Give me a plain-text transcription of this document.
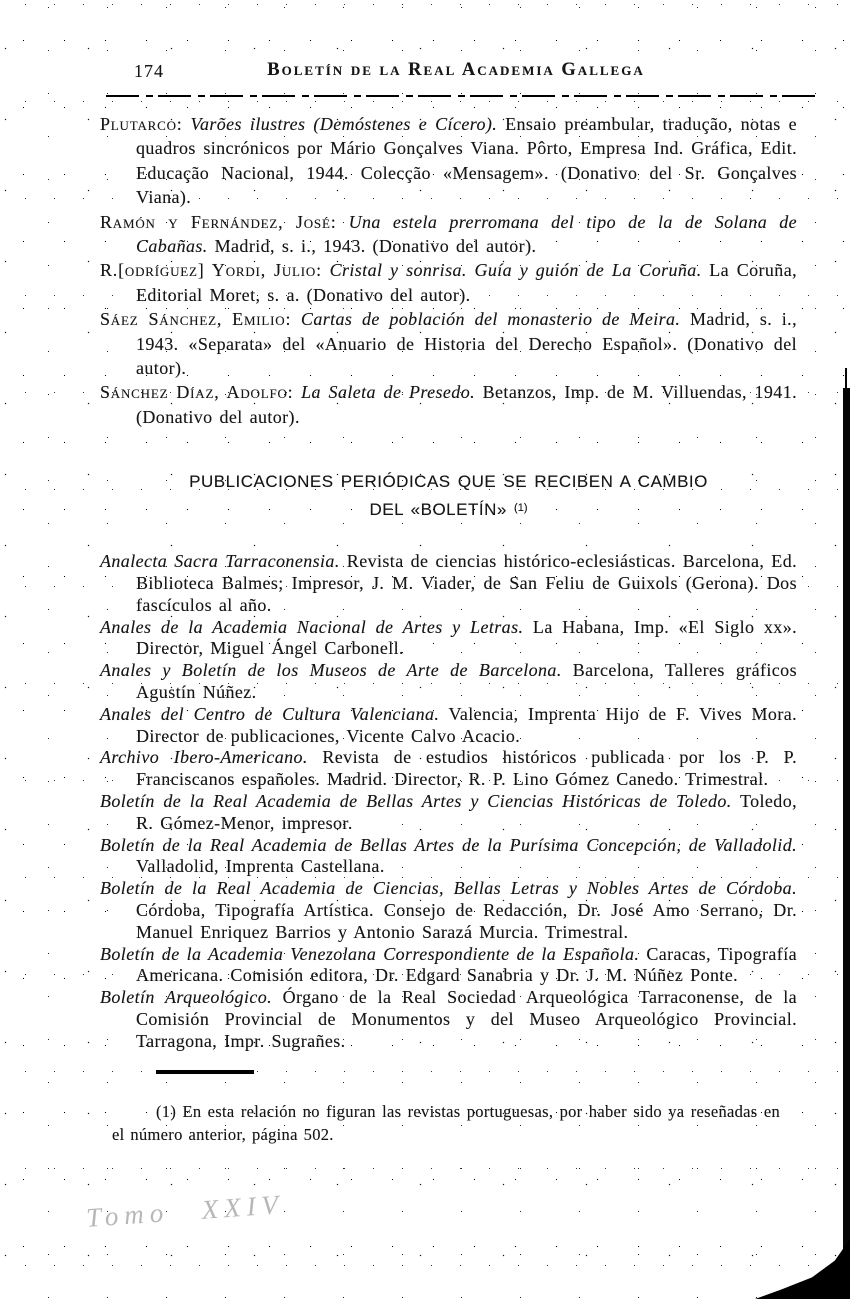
174	Boletín de la Real Academia Gallega

Plutarco: Varões ilustres (Demóstenes e Cícero). Ensaio preambular, tradução, notas e quadros sincrónicos por Mário Gonçalves Viana. Pôrto, Empresa Ind. Gráfica, Edit. Educação Nacional, 1944. Colecção «Mensagem». (Donativo del Sr. Gonçalves Viana).

Ramón y Fernández, José: Una estela prerromana del tipo de la de Solana de Cabañas. Madrid, s. i., 1943. (Donativo del autor).

R.[odríguez] Yordi, Julio: Cristal y sonrisa. Guía y guión de La Coruña. La Coruña, Editorial Moret, s. a. (Donativo del autor).

Sáez Sánchez, Emilio: Cartas de población del monasterio de Meira. Madrid, s. i., 1943. «Separata» del «Anuario de Historia del Derecho Español». (Donativo del autor).

Sánchez Díaz, Adolfo: La Saleta de Presedo. Betanzos, Imp. de M. Villuendas, 1941. (Donativo del autor).

PUBLICACIONES PERIÓDICAS QUE SE RECIBEN A CAMBIO
DEL «BOLETÍN» $^{(1)}$

Analecta Sacra Tarraconensia. Revista de ciencias histórico-eclesiásticas. Barcelona, Ed. Biblioteca Balmes; Impresor, J. M. Viader, de San Feliu de Guixols (Gerona). Dos fascículos al año.

Anales de la Academia Nacional de Artes y Letras. La Habana, Imp. «El Siglo xx». Director, Miguel Ángel Carbonell.

Anales y Boletín de los Museos de Arte de Barcelona. Barcelona, Talleres gráficos Agustín Núñez.

Anales del Centro de Cultura Valenciana. Valencia, Imprenta Hijo de F. Vives Mora. Director de publicaciones, Vicente Calvo Acacio.

Archivo Ibero-Americano. Revista de estudios históricos publicada por los P. P. Franciscanos españoles. Madrid. Director, R. P. Lino Gómez Canedo. Trimestral.

Boletín de la Real Academia de Bellas Artes y Ciencias Históricas de Toledo. Toledo, R. Gómez-Menor, impresor.

Boletín de la Real Academia de Bellas Artes de la Purísima Concepción, de Valladolid. Valladolid, Imprenta Castellana.

Boletín de la Real Academia de Ciencias, Bellas Letras y Nobles Artes de Córdoba. Córdoba, Tipografía Artística. Consejo de Redacción, Dr. José Amo Serrano, Dr. Manuel Enriquez Barrios y Antonio Sarazá Murcia. Trimestral.

Boletín de la Academia Venezolana Correspondiente de la Española. Caracas, Tipografía Americana. Comisión editora, Dr. Edgard Sanabria y Dr. J. M. Núñez Ponte.

Boletín Arqueológico. Órgano de la Real Sociedad Arqueológica Tarraconense, de la Comisión Provincial de Monumentos y del Museo Arqueológico Provincial. Tarragona, Impr. Sugrañes.

(1) En esta relación no figuran las revistas portuguesas, por haber sido ya reseñadas en el número anterior, página 502.

Tomo XXIV
